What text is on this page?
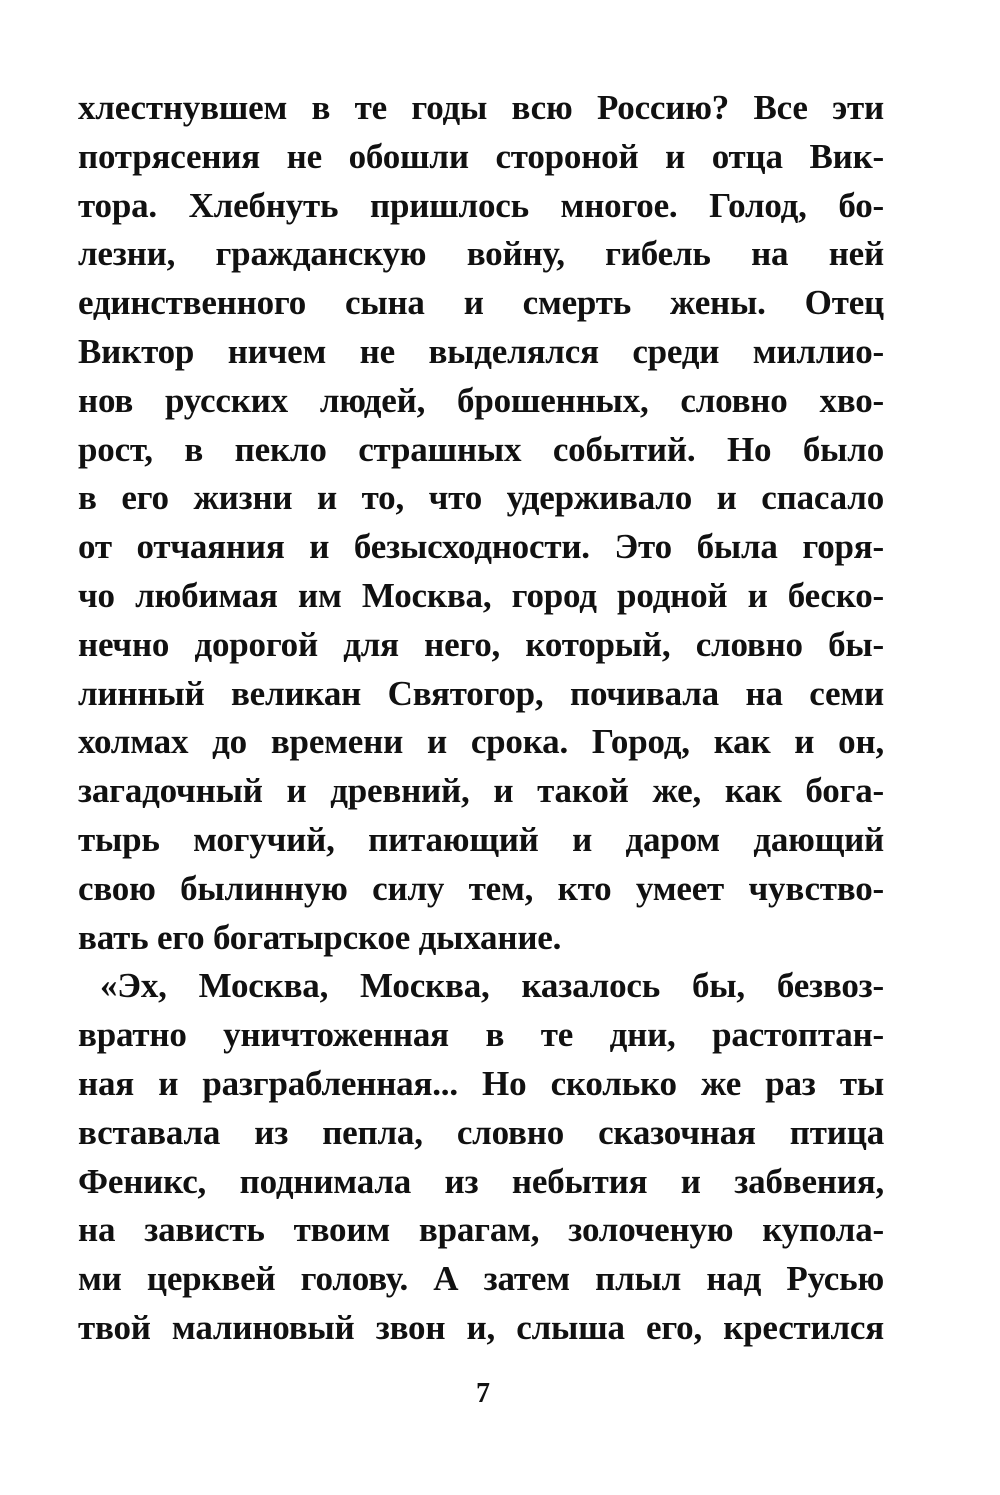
хлестнувшем в те годы всю Россию? Все эти
потрясения не обошли стороной и отца Вик-
тора. Хлебнуть пришлось многое. Голод, бо-
лезни, гражданскую войну, гибель на ней
единственного сына и смерть жены. Отец
Виктор ничем не выделялся среди миллио-
нов русских людей, брошенных, словно хво-
рост, в пекло страшных событий. Но было
в его жизни и то, что удерживало и спасало
от отчаяния и безысходности. Это была горя-
чо любимая им Москва, город родной и беско-
нечно дорогой для него, который, словно бы-
линный великан Святогор, почивала на семи
холмах до времени и срока. Город, как и он,
загадочный и древний, и такой же, как бога-
тырь могучий, питающий и даром дающий
свою былинную силу тем, кто умеет чувство-
вать его богатырское дыхание.
«Эх, Москва, Москва, казалось бы, безвоз-
вратно уничтоженная в те дни, растоптан-
ная и разграбленная... Но сколько же раз ты
вставала из пепла, словно сказочная птица
Феникс, поднимала из небытия и забвения,
на зависть твоим врагам, золоченую купола-
ми церквей голову. А затем плыл над Русью
твой малиновый звон и, слыша его, крестился
7
